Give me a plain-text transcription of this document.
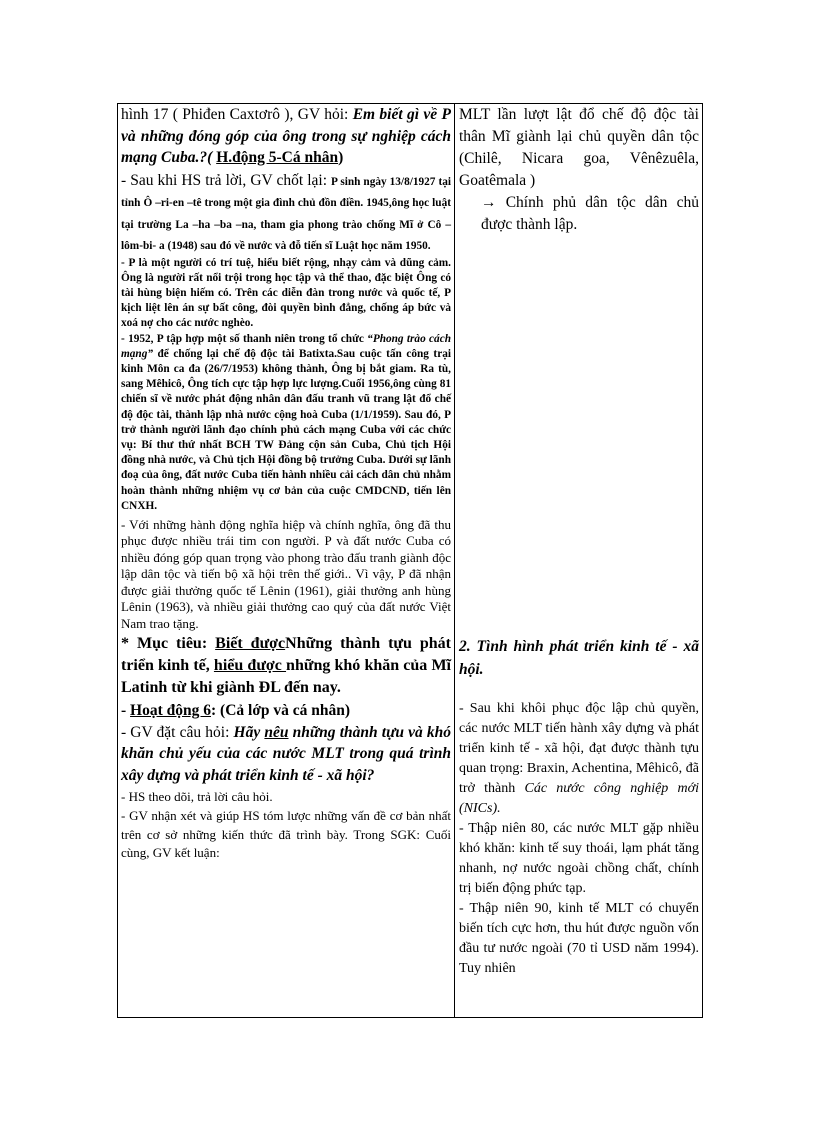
hình 17 ( Phiđen Caxtơrô ), GV hỏi: Em biết gì về P và những đóng góp của ông trong sự nghiệp cách mạng Cuba.?( H.động 5-Cá nhân)

- Sau khi HS trả lời, GV chốt lại: P sinh ngày 13/8/1927 tại tỉnh Ô –ri-en –tê trong một gia đình chủ đồn điền. 1945,ông học luật tại trường La –ha –ba –na, tham gia phong trào chống Mĩ ở Cô –lôm-bi- a (1948) sau đó về nước và đỗ tiến sĩ Luật học năm 1950.

- P là một người có trí tuệ, hiểu biết rộng, nhạy cảm và dũng cảm. Ông là người rất nổi trội trong học tập và thể thao, đặc biệt Ông có tài hùng biện hiếm có. Trên các diễn đàn trong nước và quốc tế, P kịch liệt lên án sự bất công, đòi quyền bình đẳng, chống áp bức và xoá nợ cho các nước nghèo.

- 1952, P tập hợp một số thanh niên trong tổ chức “Phong trào cách mạng” để chống lại chế độ độc tài Batixta.Sau cuộc tấn công trại kinh Môn ca đa (26/7/1953) không thành, Ông bị bắt giam. Ra tù, sang Mêhicô, Ông tích cực tập hợp lực lượng.Cuối 1956,ông cùng 81 chiến sĩ về nước phát động nhân dân đấu tranh vũ trang lật đổ chế độ độc tài, thành lập nhà nước cộng hoà Cuba (1/1/1959). Sau đó, P trở thành người lãnh đạo chính phủ cách mạng Cuba với các chức vụ: Bí thư thứ nhất BCH TW Đảng cộn sản Cuba, Chủ tịch Hội đồng nhà nước, và Chủ tịch Hội đồng bộ trưởng Cuba. Dưới sự lãnh đoạ của ông, đất nước Cuba tiến hành nhiều cải cách dân chủ nhằm hoàn thành những nhiệm vụ cơ bản của cuộc CMDCND, tiến lên CNXH.

- Với những hành động nghĩa hiệp và chính nghĩa, ông đã thu phục được nhiều trái tim con người. P và đất nước Cuba có nhiều đóng góp quan trọng vào phong trào đấu tranh giành độc lập dân tộc và tiến bộ xã hội trên thế giới.. Vì vậy, P đã nhận được giải thưởng quốc tế Lênin (1961), giải thưởng anh hùng Lênin (1963), và nhiều giải thưởng cao quý của đất nước Việt Nam trao tặng.

* Mục tiêu: Biết đượcNhững thành tựu phát triển kinh tế, hiểu được những khó khăn của Mĩ Latinh từ khi giành ĐL đến nay.

- Hoạt động 6: (Cả lớp và cá nhân)

- GV đặt câu hỏi: Hãy nêu những thành tựu và khó khăn chủ yếu của các nước MLT trong quá trình xây dựng và phát triển kinh tế - xã hội?

- HS theo dõi, trả lời câu hỏi.

- GV nhận xét và giúp HS tóm lược những vấn đề cơ bản nhất trên cơ sở những kiến thức đã trình bày. Trong SGK: Cuối cùng, GV kết luận:

MLT lần lượt lật đổ chế độ độc tài thân Mĩ giành lại chủ quyền dân tộc (Chilê, Nicara goa, Vênêzuêla, Goatêmala )

→ Chính phủ dân tộc dân chủ được thành lập.

2. Tình hình phát triển kinh tế - xã hội.

- Sau khi khôi phục độc lập chủ quyền, các nước MLT tiến hành xây dựng và phát triển kinh tế - xã hội, đạt được thành tựu quan trọng: Braxin, Achentina, Mêhicô, đã trở thành Các nước công nghiệp mới (NICs).

- Thập niên 80, các nước MLT gặp nhiều khó khăn: kinh tế suy thoái, lạm phát tăng nhanh, nợ nước ngoài chồng chất, chính trị biến động phức tạp.

- Thập niên 90, kinh tế MLT có chuyển biến tích cực hơn, thu hút được nguồn vốn đầu tư nước ngoài (70 tỉ USD năm 1994). Tuy nhiên
